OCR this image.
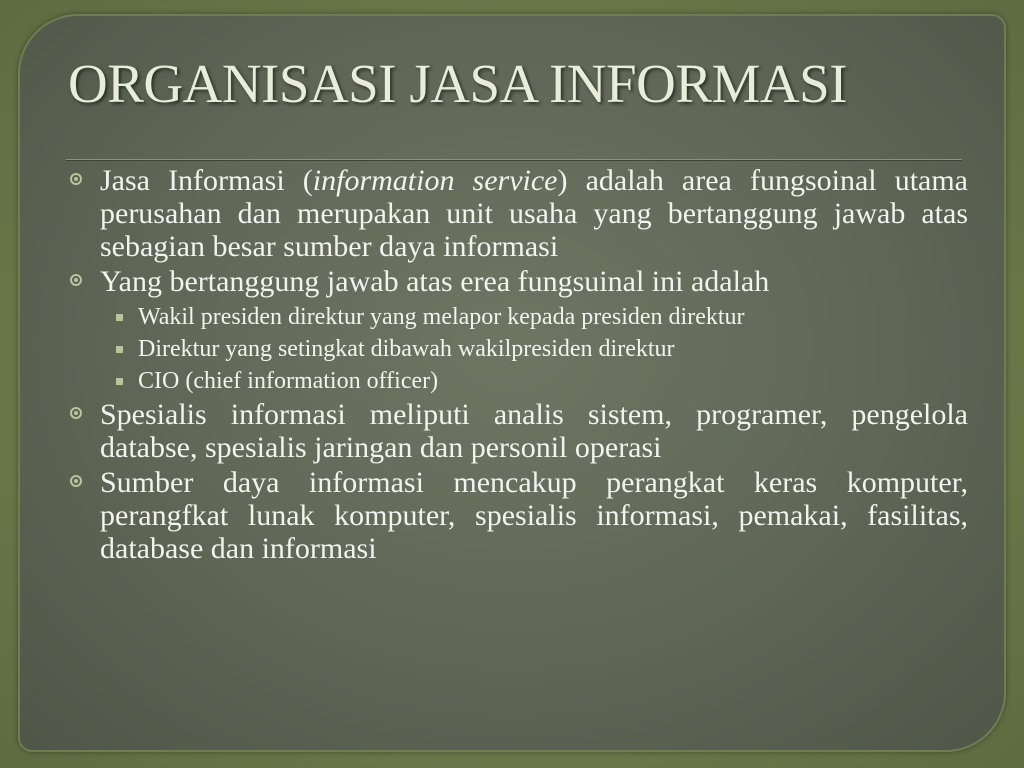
ORGANISASI JASA INFORMASI
Jasa Informasi (information service) adalah area fungsoinal utama perusahan dan merupakan unit usaha yang bertanggung jawab atas sebagian besar sumber daya informasi
Yang bertanggung jawab atas erea fungsuinal ini adalah
Wakil presiden direktur yang melapor kepada presiden direktur
Direktur yang setingkat dibawah wakilpresiden direktur
CIO (chief information officer)
Spesialis informasi meliputi analis sistem, programer, pengelola databse, spesialis jaringan dan personil operasi
Sumber daya informasi mencakup perangkat keras komputer, perangfkat lunak komputer, spesialis informasi, pemakai, fasilitas, database dan informasi
